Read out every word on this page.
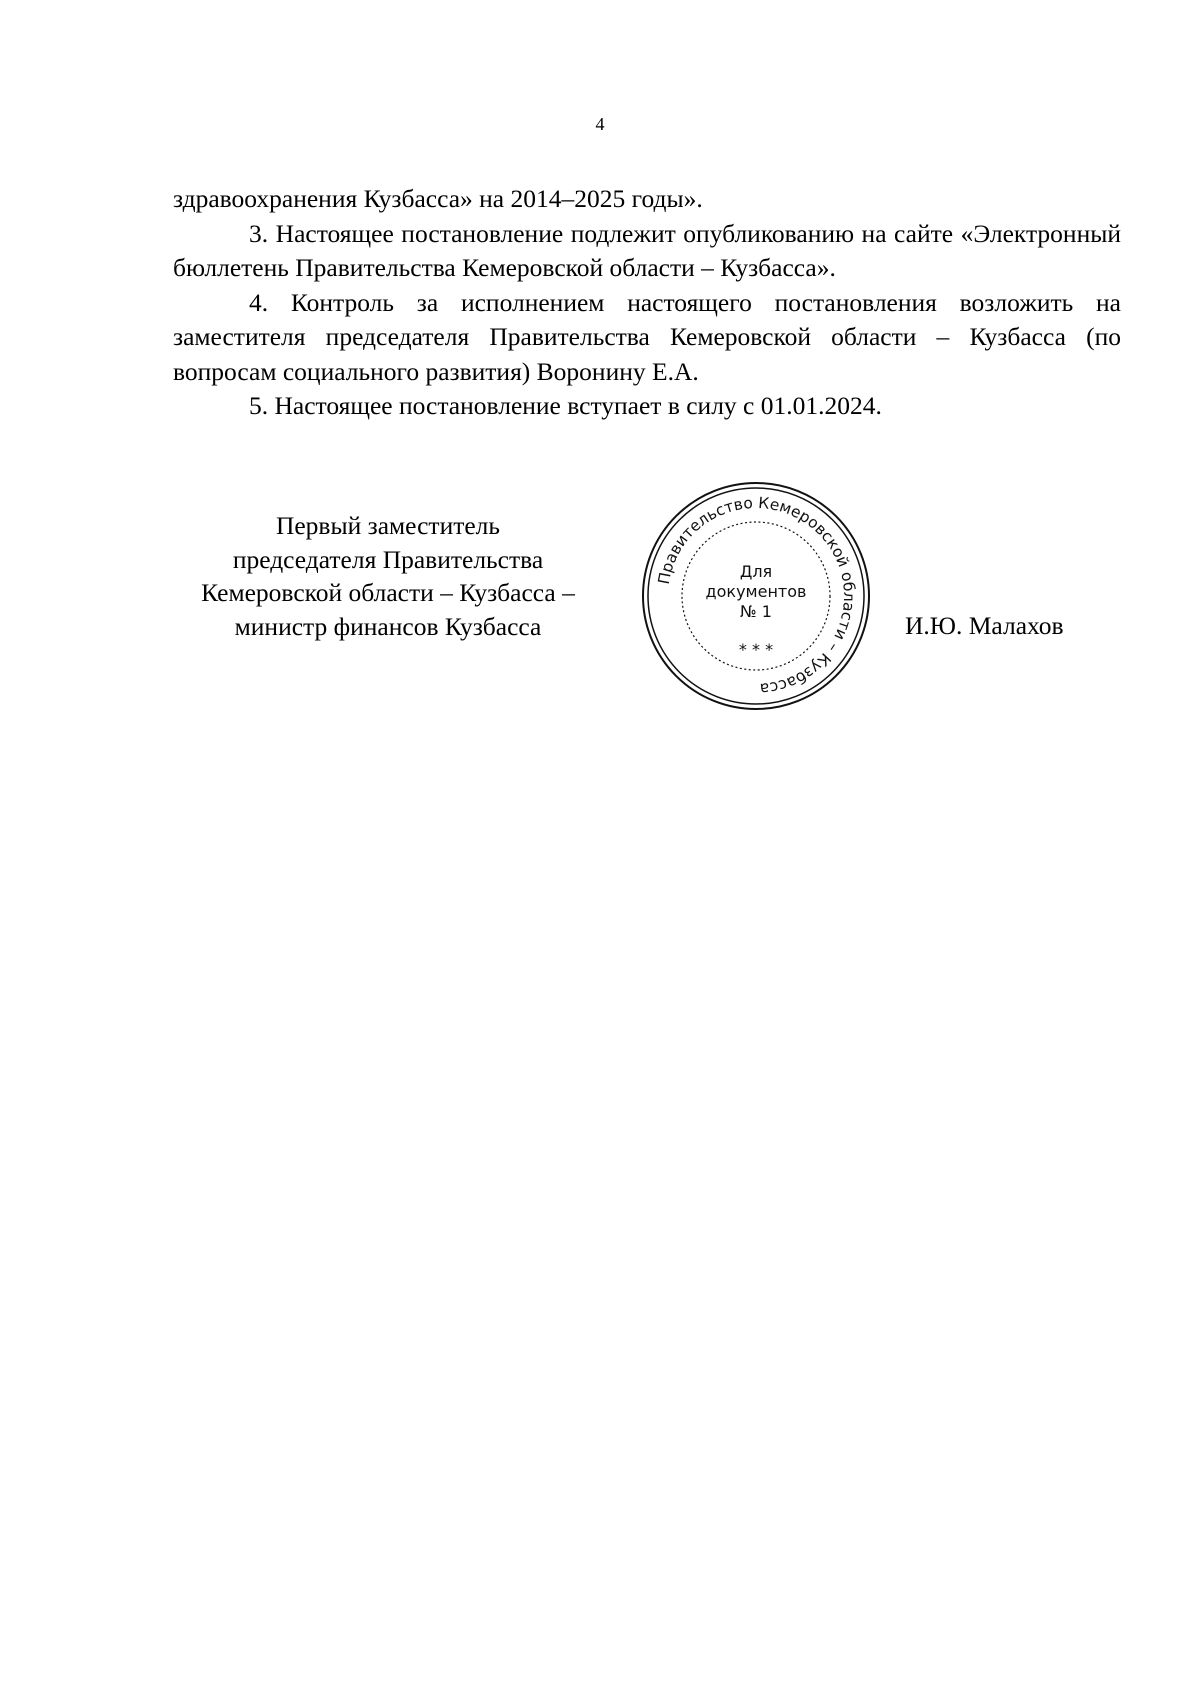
4

здравоохранения Кузбасса» на 2014–2025 годы».

3. Настоящее постановление подлежит опубликованию на сайте «Электронный бюллетень Правительства Кемеровской области – Кузбасса».

4. Контроль за исполнением настоящего постановления возложить на заместителя председателя Правительства Кемеровской области – Кузбасса (по вопросам социального развития) Воронину Е.А.

5. Настоящее постановление вступает в силу с 01.01.2024.

Первый заместитель
председателя Правительства
Кемеровской области – Кузбасса –
министр финансов Кузбасса
Правительство Кемеровской области – Кузбасса
* * *
Для
документов
№ 1	И.Ю. Малахов
